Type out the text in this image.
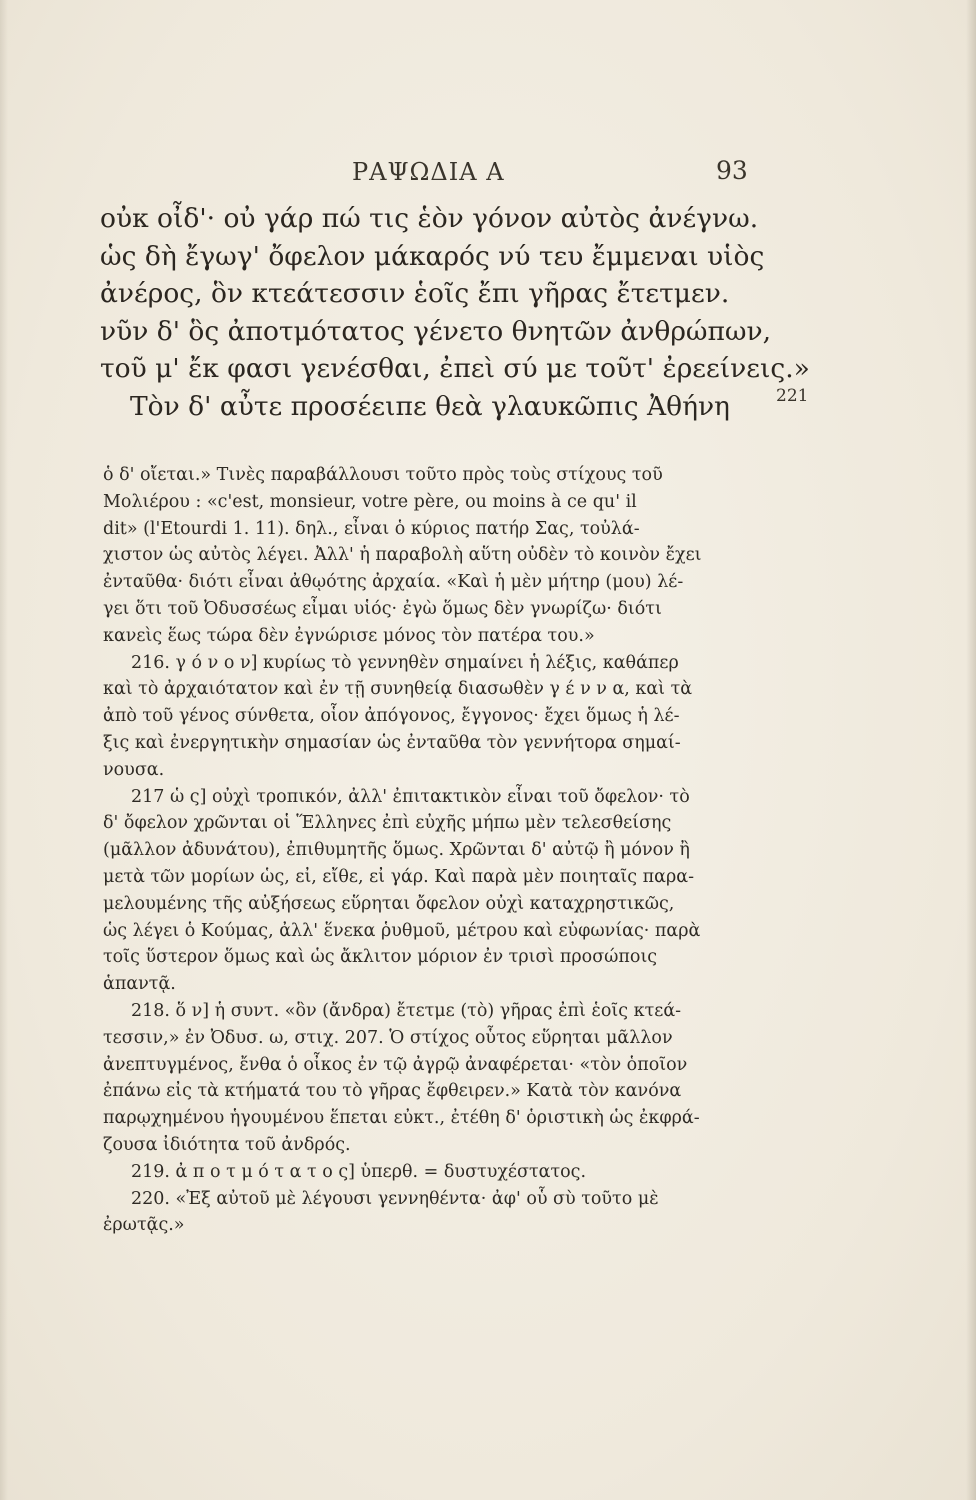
ΡΑΨΩΔΙΑ Α	93
οὐκ οἶδ'· οὐ γάρ πώ τις ἑὸν γόνον αὐτὸς ἀνέγνω.
ὡς δὴ ἔγωγ' ὄφελον μάκαρός νύ τευ ἔμμεναι υἱὸς
ἀνέρος, ὃν κτεάτεσσιν ἑοῖς ἔπι γῆρας ἔτετμεν.
νῦν δ' ὃς ἀποτμότατος γένετο θνητῶν ἀνθρώπων,
τοῦ μ' ἔκ φασι γενέσθαι, ἐπεὶ σύ με τοῦτ' ἐρεείνεις.»
Τὸν δ' αὖτε προσέειπε θεὰ γλαυκῶπις Ἀθήνη	221
ὁ δ' οἴεται.» Τινὲς παραβάλλουσι τοῦτο πρὸς τοὺς στίχους τοῦ
Μολιέρου : «c'est, monsieur, votre père, ou moins à ce qu' il
dit» (l'Etourdi 1. 11). δηλ., εἶναι ὁ κύριος πατήρ Σας, τοὐλά-
χιστον ὡς αὐτὸς λέγει. Ἀλλ' ἡ παραβολὴ αὕτη οὐδὲν τὸ κοινὸν ἔχει
ἐνταῦθα· διότι εἶναι ἀθῳότης ἀρχαία. «Καὶ ἡ μὲν μήτηρ (μου) λέ-
γει ὅτι τοῦ Ὀδυσσέως εἶμαι υἱός· ἐγὼ ὅμως δὲν γνωρίζω· διότι
κανεὶς ἕως τώρα δὲν ἐγνώρισε μόνος τὸν πατέρα του.»
216. γ ό ν ο ν] κυρίως τὸ γεννηθὲν σημαίνει ἡ λέξις, καθάπερ
καὶ τὸ ἀρχαιότατον καὶ ἐν τῇ συνηθείᾳ διασωθὲν γ έ ν ν α, καὶ τὰ
ἀπὸ τοῦ γένος σύνθετα, οἷον ἀπόγονος, ἔγγονος· ἔχει ὅμως ἡ λέ-
ξις καὶ ἐνεργητικὴν σημασίαν ὡς ἐνταῦθα τὸν γεννήτορα σημαί-
νουσα.
217 ὡ ς] οὐχὶ τροπικόν, ἀλλ' ἐπιτακτικὸν εἶναι τοῦ ὄφελον· τὸ
δ' ὄφελον χρῶνται οἱ Ἕλληνες ἐπὶ εὐχῆς μήπω μὲν τελεσθείσης
(μᾶλλον ἀδυνάτου), ἐπιθυμητῆς ὅμως. Χρῶνται δ' αὐτῷ ἢ μόνον ἢ
μετὰ τῶν μορίων ὡς, εἰ, εἴθε, εἰ γάρ. Καὶ παρὰ μὲν ποιηταῖς παρα-
μελουμένης τῆς αὐξήσεως εὕρηται ὄφελον οὐχὶ καταχρηστικῶς,
ὡς λέγει ὁ Κούμας, ἀλλ' ἕνεκα ῥυθμοῦ, μέτρου καὶ εὐφωνίας· παρὰ
τοῖς ὕστερον ὅμως καὶ ὡς ἄκλιτον μόριον ἐν τρισὶ προσώποις
ἁπαντᾷ.
218. ὅ ν] ἡ συντ. «ὃν (ἄνδρα) ἔτετμε (τὸ) γῆρας ἐπὶ ἑοῖς κτεά-
τεσσιν,» ἐν Ὀδυσ. ω, στιχ. 207. Ὁ στίχος οὗτος εὕρηται μᾶλλον
ἀνεπτυγμένος, ἔνθα ὁ οἶκος ἐν τῷ ἀγρῷ ἀναφέρεται· «τὸν ὁποῖον
ἐπάνω εἰς τὰ κτήματά του τὸ γῆρας ἔφθειρεν.» Κατὰ τὸν κανόνα
παρῳχημένου ἡγουμένου ἕπεται εὐκτ., ἐτέθη δ' ὁριστικὴ ὡς ἐκφρά-
ζουσα ἰδιότητα τοῦ ἀνδρός.
219. ἀ π ο τ μ ό τ α τ ο ς] ὑπερθ. = δυστυχέστατος.
220. «Ἐξ αὐτοῦ μὲ λέγουσι γεννηθέντα· ἀφ' οὗ σὺ τοῦτο μὲ
ἐρωτᾷς.»
